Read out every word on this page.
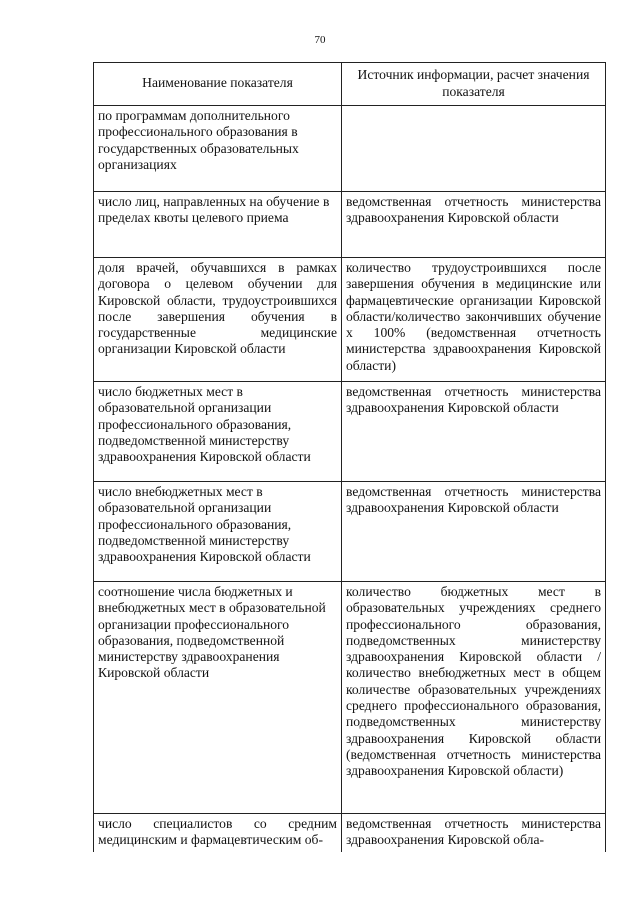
70
Наименование показателя	Источник информации, расчет значения показателя
по программам дополнительного профессионального образования в государственных образовательных организациях	
число лиц, направленных на обучение в пределах квоты целевого приема	ведомственная отчетность министерства здравоохранения Кировской области
доля врачей, обучавшихся в рамках договора о целевом обучении для Кировской области, трудоустроившихся после завершения обучения в государственные медицинские организации Кировской области	количество трудоустроившихся после завершения обучения в медицинские или фармацевтические организации Кировской области/количество закончивших обучение x 100% (ведомственная отчетность министерства здравоохранения Кировской области)
число бюджетных мест в образовательной организации профессионального образования, подведомственной министерству здравоохранения Кировской области	ведомственная отчетность министерства здравоохранения Кировской области
число внебюджетных мест в образовательной организации профессионального образования, подведомственной министерству здравоохранения Кировской области	ведомственная отчетность министерства здравоохранения Кировской области
соотношение числа бюджетных и внебюджетных мест в образовательной организации профессионального образования, подведомственной министерству здравоохранения Кировской области	количество бюджетных мест в образовательных учреждениях среднего профессионального образования, подведомственных министерству здравоохранения Кировской области / количество внебюджетных мест в общем количестве образовательных учреждениях среднего профессионального образования, подведомственных министерству здравоохранения Кировской области (ведомственная отчетность министерства здравоохранения Кировской области)
число специалистов со средним медицинским и фармацевтическим об-	ведомственная отчетность министерства здравоохранения Кировской обла-
